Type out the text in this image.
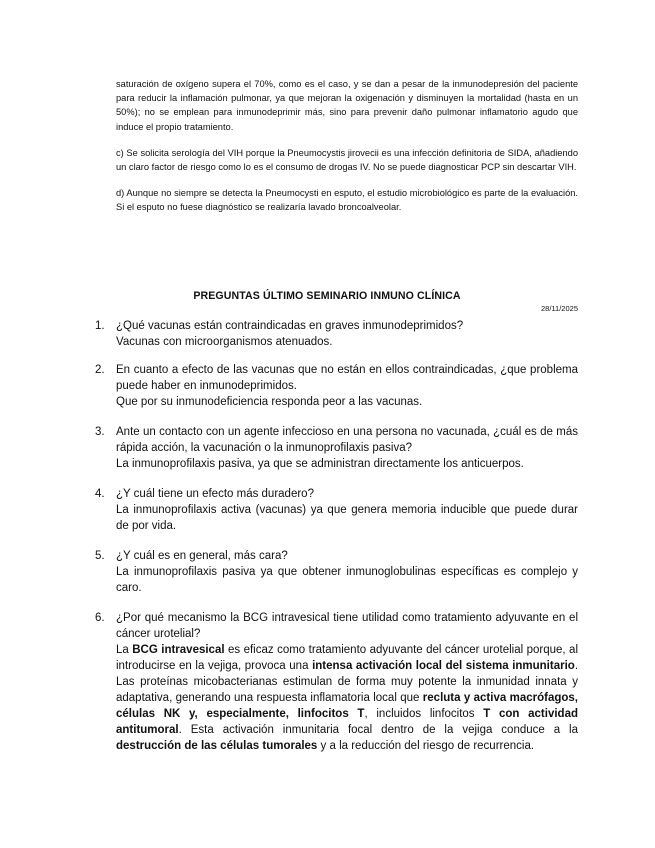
saturación de oxígeno supera el 70%, como es el caso, y se dan a pesar de la inmunodepresión del paciente para reducir la inflamación pulmonar, ya que mejoran la oxigenación y disminuyen la mortalidad (hasta en un 50%); no se emplean para inmunodeprimir más, sino para prevenir daño pulmonar inflamatorio agudo que induce el propio tratamiento.

c) Se solicita serología del VIH porque la Pneumocystis jirovecii es una infección definitoria de SIDA, añadiendo un claro factor de riesgo como lo es el consumo de drogas IV. No se puede diagnosticar PCP sin descartar VIH.

d) Aunque no siempre se detecta la Pneumocysti en esputo, el estudio microbiológico es parte de la evaluación. Si el esputo no fuese diagnóstico se realizaría lavado broncoalveolar.

PREGUNTAS ÚLTIMO SEMINARIO INMUNO CLÍNICA
28/11/2025
1. ¿Qué vacunas están contraindicadas en graves inmunodeprimidos?
Vacunas con microorganismos atenuados.
2. En cuanto a efecto de las vacunas que no están en ellos contraindicadas, ¿que problema puede haber en inmunodeprimidos.
Que por su inmunodeficiencia responda peor a las vacunas.
3. Ante un contacto con un agente infeccioso en una persona no vacunada, ¿cuál es de más rápida acción, la vacunación o la inmunoprofilaxis pasiva?
La inmunoprofilaxis pasiva, ya que se administran directamente los anticuerpos.
4. ¿Y cuál tiene un efecto más duradero?
La inmunoprofilaxis activa (vacunas) ya que genera memoria inducible que puede durar de por vida.
5. ¿Y cuál es en general, más cara?
La inmunoprofilaxis pasiva ya que obtener inmunoglobulinas específicas es complejo y caro.
6. ¿Por qué mecanismo la BCG intravesical tiene utilidad como tratamiento adyuvante en el cáncer urotelial?
La BCG intravesical es eficaz como tratamiento adyuvante del cáncer urotelial porque, al introducirse en la vejiga, provoca una intensa activación local del sistema inmunitario. Las proteínas micobacterianas estimulan de forma muy potente la inmunidad innata y adaptativa, generando una respuesta inflamatoria local que recluta y activa macrófagos, células NK y, especialmente, linfocitos T, incluidos linfocitos T con actividad antitumoral. Esta activación inmunitaria focal dentro de la vejiga conduce a la destrucción de las células tumorales y a la reducción del riesgo de recurrencia.
